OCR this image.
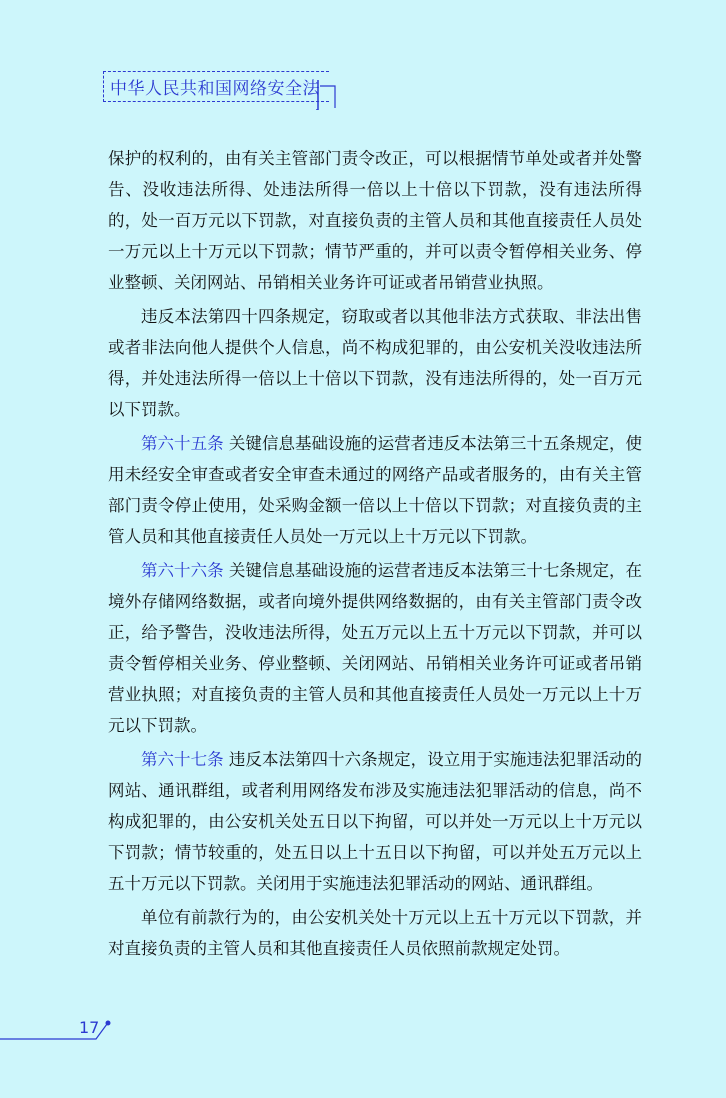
中华人民共和国网络安全法

保护的权利的，由有关主管部门责令改正，可以根据情节单处或者并处警告、没收违法所得、处违法所得一倍以上十倍以下罚款，没有违法所得的，处一百万元以下罚款，对直接负责的主管人员和其他直接责任人员处一万元以上十万元以下罚款；情节严重的，并可以责令暂停相关业务、停业整顿、关闭网站、吊销相关业务许可证或者吊销营业执照。

违反本法第四十四条规定，窃取或者以其他非法方式获取、非法出售或者非法向他人提供个人信息，尚不构成犯罪的，由公安机关没收违法所得，并处违法所得一倍以上十倍以下罚款，没有违法所得的，处一百万元以下罚款。

第六十五条 关键信息基础设施的运营者违反本法第三十五条规定，使用未经安全审查或者安全审查未通过的网络产品或者服务的，由有关主管部门责令停止使用，处采购金额一倍以上十倍以下罚款；对直接负责的主管人员和其他直接责任人员处一万元以上十万元以下罚款。

第六十六条 关键信息基础设施的运营者违反本法第三十七条规定，在境外存储网络数据，或者向境外提供网络数据的，由有关主管部门责令改正，给予警告，没收违法所得，处五万元以上五十万元以下罚款，并可以责令暂停相关业务、停业整顿、关闭网站、吊销相关业务许可证或者吊销营业执照；对直接负责的主管人员和其他直接责任人员处一万元以上十万元以下罚款。

第六十七条 违反本法第四十六条规定，设立用于实施违法犯罪活动的网站、通讯群组，或者利用网络发布涉及实施违法犯罪活动的信息，尚不构成犯罪的，由公安机关处五日以下拘留，可以并处一万元以上十万元以下罚款；情节较重的，处五日以上十五日以下拘留，可以并处五万元以上五十万元以下罚款。关闭用于实施违法犯罪活动的网站、通讯群组。

单位有前款行为的，由公安机关处十万元以上五十万元以下罚款，并对直接负责的主管人员和其他直接责任人员依照前款规定处罚。

17
